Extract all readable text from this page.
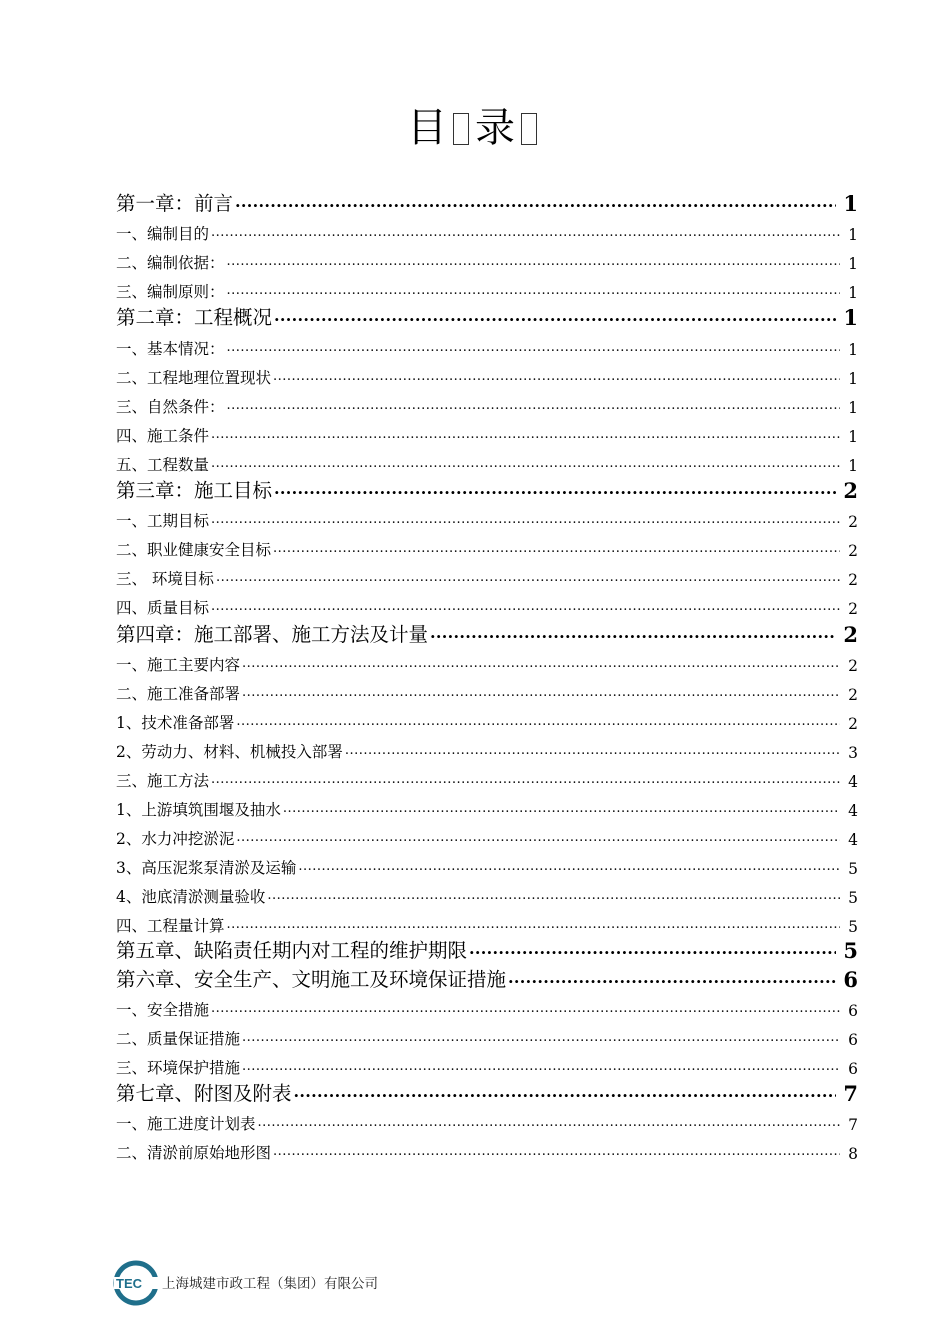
目 录
第一章：前言 .....	1
一、编制目的 .....	1
二、编制依据： .....	1
三、编制原则： .....	1
第二章：工程概况 .....	1
一、基本情况： .....	1
二、工程地理位置现状 .....	1
三、自然条件： .....	1
四、施工条件 .....	1
五、工程数量 .....	1
第三章：施工目标 .....	2
一、工期目标 .....	2
二、职业健康安全目标 .....	2
三、 环境目标 .....	2
四、质量目标 .....	2
第四章：施工部署、施工方法及计量 .....	2
一、施工主要内容 .....	2
二、施工准备部署 .....	2
1、技术准备部署 .....	2
2、劳动力、材料、机械投入部署 .....	3
三、施工方法 .....	4
1、上游填筑围堰及抽水 .....	4
2、水力冲挖淤泥 .....	4
3、高压泥浆泵清淤及运输 .....	5
4、池底清淤测量验收 .....	5
四、工程量计算 .....	5
第五章、缺陷责任期内对工程的维护期限 .....	5
第六章、安全生产、文明施工及环境保证措施 .....	6
一、安全措施 .....	6
二、质量保证措施 .....	6
三、环境保护措施 .....	6
第七章、附图及附表 .....	7
一、施工进度计划表 .....	7
二、清淤前原始地形图 .....	8
TEC 上海城建市政工程（集团）有限公司
